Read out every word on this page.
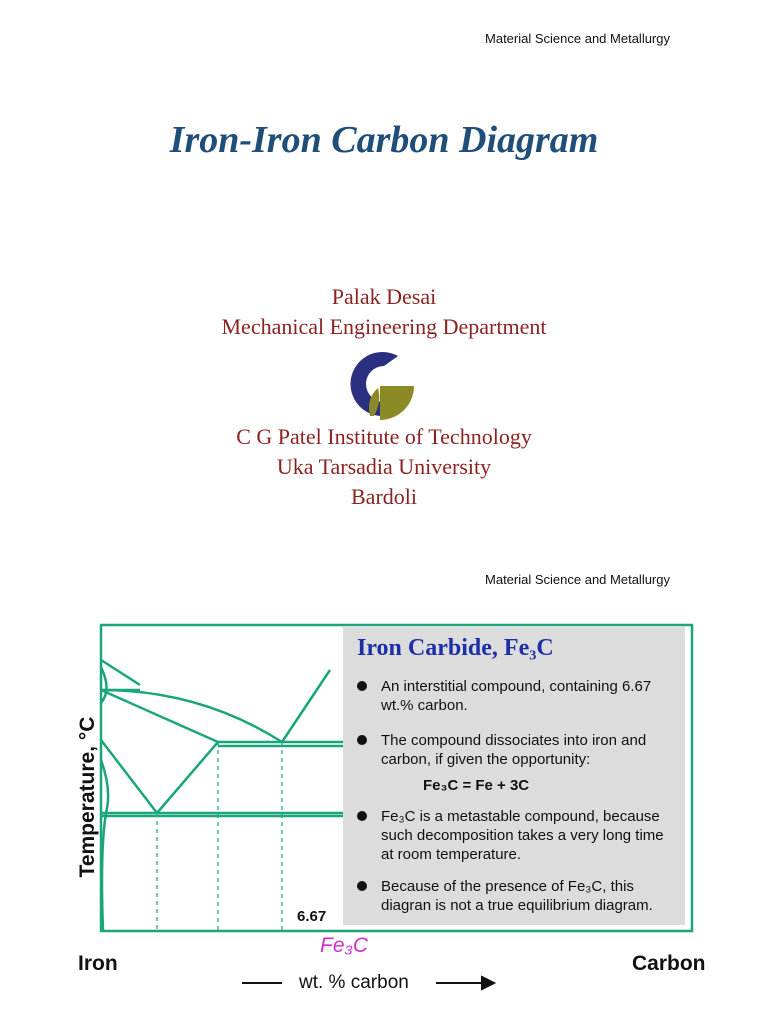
Material Science and Metallurgy
Iron-Iron Carbon Diagram
Palak Desai
Mechanical Engineering Department
C G Patel Institute of Technology
Uka Tarsadia University
Bardoli
Material Science and Metallurgy
Iron Carbide, Fe₃C
An interstitial compound, containing 6.67 wt.% carbon.
The compound dissociates into iron and carbon, if given the opportunity:
Fe₃C = Fe + 3C
Fe₃C is a metastable compound, because such decomposition takes a very long time at room temperature.
Because of the presence of Fe₃C, this diagran is not a true equilibrium diagram.
6.67
Fe₃C
Temperature, °C
Iron	Carbon
wt. % carbon
